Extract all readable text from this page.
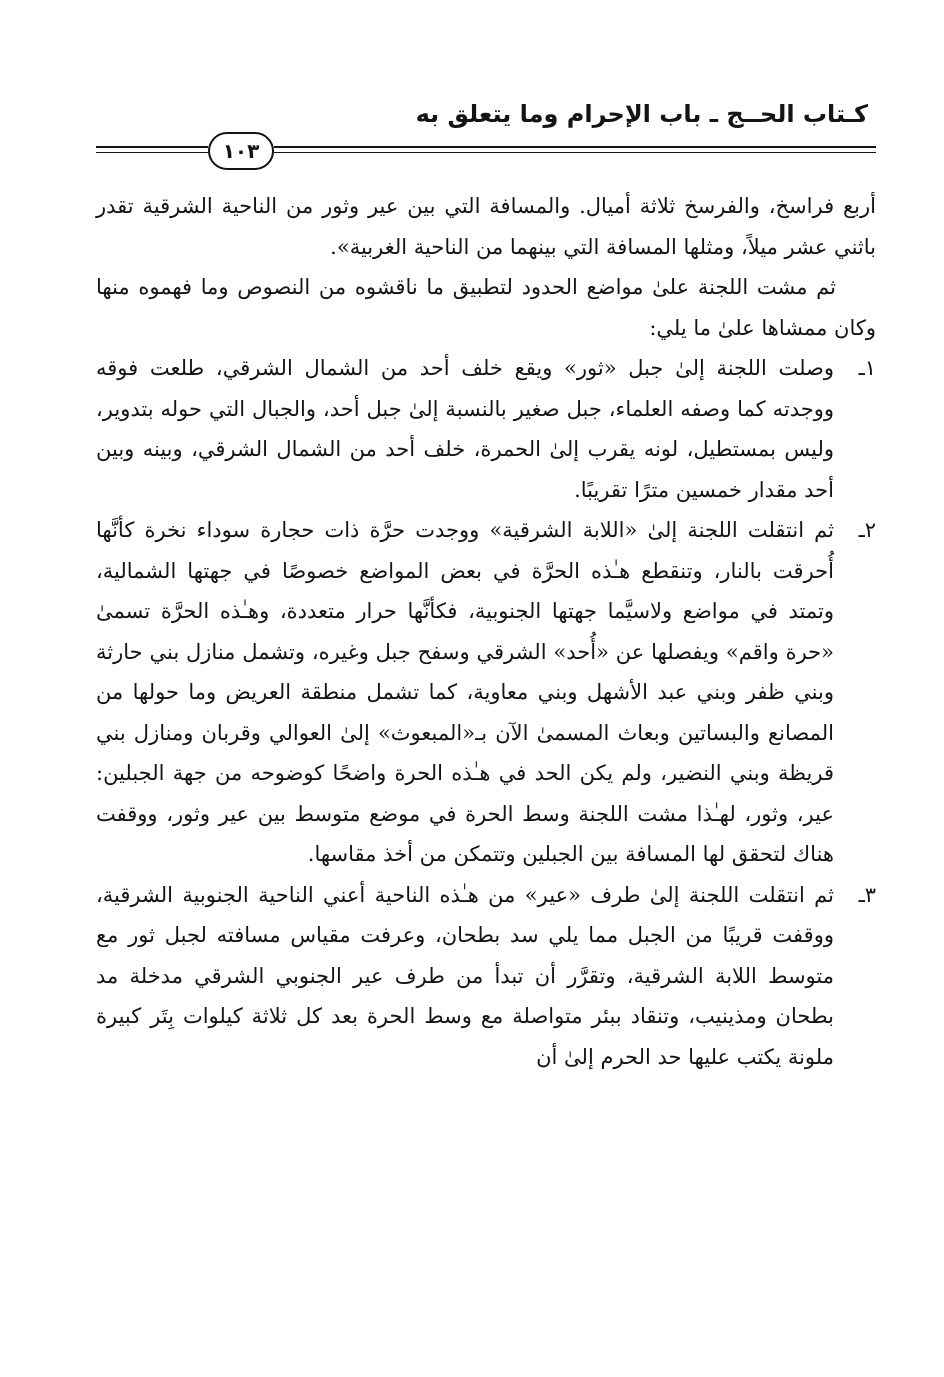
كـتاب الحــج ـ باب الإحرام وما يتعلق به
١٠٣

أربع فراسخ، والفرسخ ثلاثة أميال. والمسافة التي بين عير وثور من الناحية الشرقية تقدر باثني عشر ميلاً، ومثلها المسافة التي بينهما من الناحية الغربية».

ثم مشت اللجنة علىٰ مواضع الحدود لتطبيق ما ناقشوه من النصوص وما فهموه منها وكان ممشاها علىٰ ما يلي:

١ـ
وصلت اللجنة إلىٰ جبل «ثور» ويقع خلف أحد من الشمال الشرقي، طلعت فوقه ووجدته كما وصفه العلماء، جبل صغير بالنسبة إلىٰ جبل أحد، والجبال التي حوله بتدوير، وليس بمستطيل، لونه يقرب إلىٰ الحمرة، خلف أحد من الشمال الشرقي، وبينه وبين أحد مقدار خمسين مترًا تقريبًا.
٢ـ
ثم انتقلت اللجنة إلىٰ «اللابة الشرقية» ووجدت حرَّة ذات حجارة سوداء نخرة كأنَّها أُحرقت بالنار، وتنقطع هـٰذه الحرَّة في بعض المواضع خصوصًا في جهتها الشمالية، وتمتد في مواضع ولاسيَّما جهتها الجنوبية، فكأنَّها حرار متعددة، وهـٰذه الحرَّة تسمىٰ «حرة واقم» ويفصلها عن «أُحد» الشرقي وسفح جبل وغيره، وتشمل منازل بني حارثة وبني ظفر وبني عبد الأشهل وبني معاوية، كما تشمل منطقة العريض وما حولها من المصانع والبساتين وبعاث المسمىٰ الآن بـ«المبعوث» إلىٰ العوالي وقربان ومنازل بني قريظة وبني النضير، ولم يكن الحد في هـٰذه الحرة واضحًا كوضوحه من جهة الجبلين: عير، وثور، لهـٰذا مشت اللجنة وسط الحرة في موضع متوسط بين عير وثور، ووقفت هناك لتحقق لها المسافة بين الجبلين وتتمكن من أخذ مقاسها.
٣ـ
ثم انتقلت اللجنة إلىٰ طرف «عير» من هـٰذه الناحية أعني الناحية الجنوبية الشرقية، ووقفت قريبًا من الجبل مما يلي سد بطحان، وعرفت مقياس مسافته لجبل ثور مع متوسط اللابة الشرقية، وتقرَّر أن تبدأ من طرف عير الجنوبي الشرقي مدخلة مد بطحان ومذينيب، وتنقاد ببئر متواصلة مع وسط الحرة بعد كل ثلاثة كيلوات بِتَر كبيرة ملونة يكتب عليها حد الحرم إلىٰ أن
